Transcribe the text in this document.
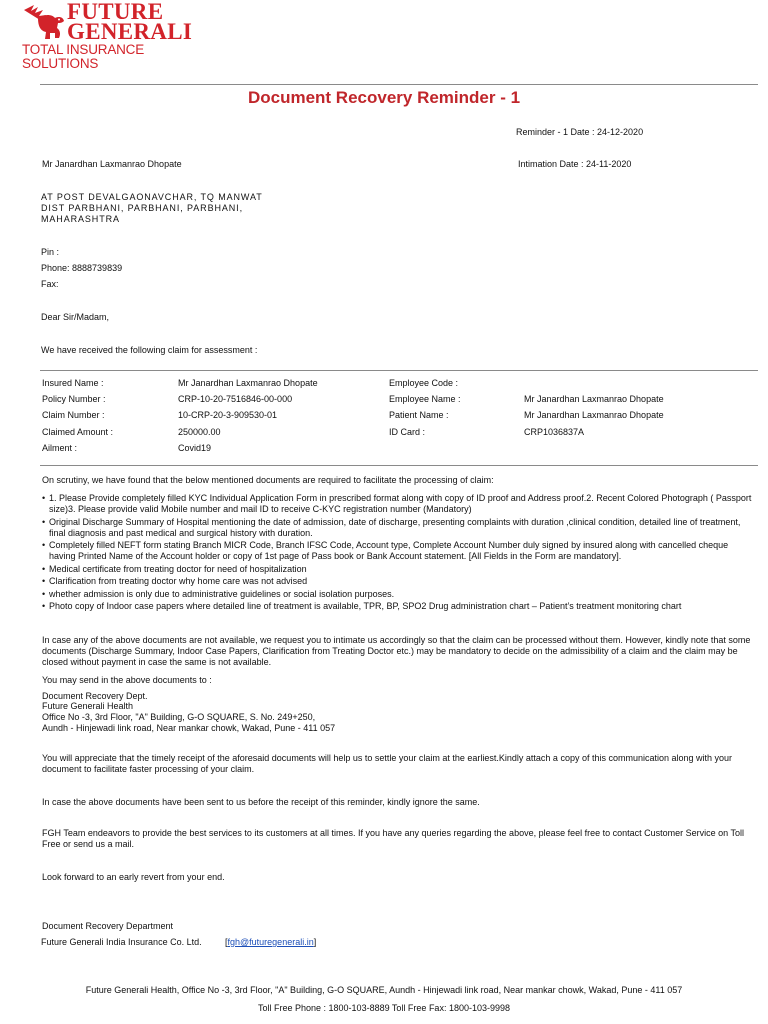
FUTURE
GENERALI
TOTAL INSURANCE SOLUTIONS
Document Recovery Reminder - 1
Reminder - 1 Date : 24-12-2020
Mr Janardhan Laxmanrao Dhopate	Intimation Date : 24-11-2020
AT POST DEVALGAONAVCHAR, TQ MANWAT
DIST PARBHANI, PARBHANI, PARBHANI,
MAHARASHTRA
Pin :
Phone: 8888739839
Fax:
Dear Sir/Madam,
We have received the following claim for assessment :
Insured Name :	Mr Janardhan Laxmanrao Dhopate	Employee Code :
Policy Number :	CRP-10-20-7516846-00-000	Employee Name :	Mr Janardhan Laxmanrao Dhopate
Claim Number :	10-CRP-20-3-909530-01	Patient Name :	Mr Janardhan Laxmanrao Dhopate
Claimed Amount :	250000.00	ID Card :	CRP1036837A
Ailment :	Covid19
On scrutiny, we have found that the below mentioned documents are required to facilitate the processing of claim:
• 1. Please Provide completely filled KYC Individual Application Form in prescribed format along with copy of ID proof and Address proof.2. Recent Colored Photograph ( Passport size)3. Please provide valid Mobile number and mail ID to receive C-KYC registration number (Mandatory)
• Original Discharge Summary of Hospital mentioning the date of admission, date of discharge, presenting complaints with duration ,clinical condition, detailed line of treatment, final diagnosis and past medical and surgical history with duration.
• Completely filled NEFT form stating Branch MICR Code, Branch IFSC Code, Account type, Complete Account Number duly signed by insured along with cancelled cheque having Printed Name of the Account holder or copy of 1st page of Pass book or Bank Account statement. [All Fields in the Form are mandatory].
• Medical certificate from treating doctor for need of hospitalization
• Clarification from treating doctor why home care was not advised
• whether admission is only due to administrative guidelines or social isolation purposes.
• Photo copy of Indoor case papers where detailed line of treatment is available, TPR, BP, SPO2 Drug administration chart – Patient’s treatment monitoring chart
In case any of the above documents are not available, we request you to intimate us accordingly so that the claim can be processed without them. However, kindly note that some documents (Discharge Summary, Indoor Case Papers, Clarification from Treating Doctor etc.) may be mandatory to decide on the admissibility of a claim and the claim may be closed without payment in case the same is not available.
You may send in the above documents to :
Document Recovery Dept.
Future Generali Health
Office No -3, 3rd Floor, "A" Building, G-O SQUARE, S. No. 249+250,
Aundh - Hinjewadi link road, Near mankar chowk, Wakad, Pune - 411 057
You will appreciate that the timely receipt of the aforesaid documents will help us to settle your claim at the earliest.Kindly attach a copy of this communication along with your document to facilitate faster processing of your claim.
In case the above documents have been sent to us before the receipt of this reminder, kindly ignore the same.
FGH Team endeavors to provide the best services to its customers at all times. If you have any queries regarding the above, please feel free to contact Customer Service on Toll Free or send us a mail.
Look forward to an early revert from your end.
Document Recovery Department
Future Generali India Insurance Co. Ltd.	[fgh@futuregenerali.in]
Future Generali Health, Office No -3, 3rd Floor, "A" Building, G-O SQUARE, Aundh - Hinjewadi link road, Near mankar chowk, Wakad, Pune - 411 057
Toll Free Phone : 1800-103-8889 Toll Free Fax: 1800-103-9998
